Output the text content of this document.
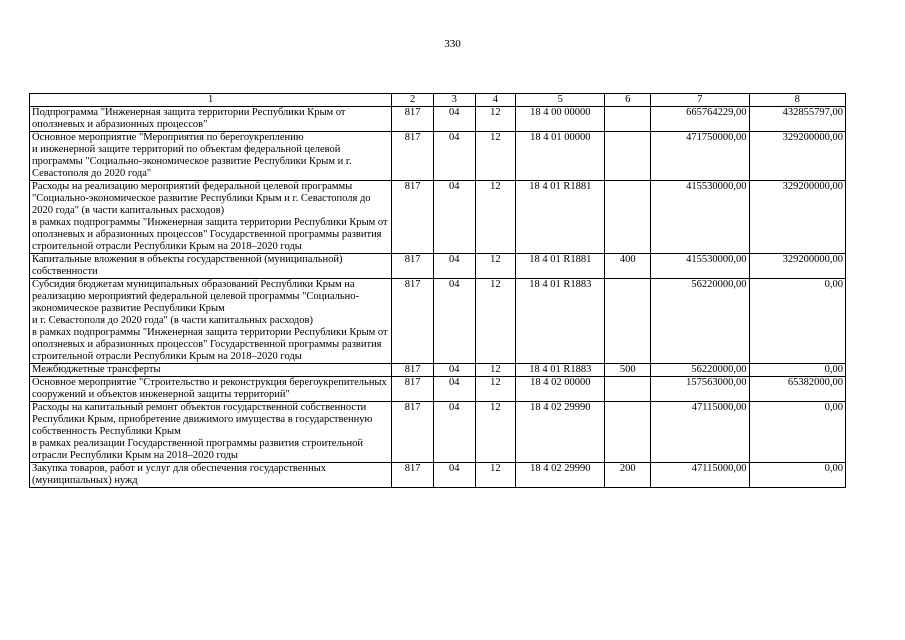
330
1	2	3	4	5	6	7	8
Подпрограмма "Инженерная защита территории Республики Крым от оползневых и абразионных процессов"	817	04	12	18 4 00 00000		665764229,00	432855797,00
Основное мероприятие "Мероприятия по берегоукреплению
и инженерной защите территорий по объектам федеральной целевой программы "Социально-экономическое развитие Республики Крым и г. Севастополя до 2020 года"	817	04	12	18 4 01 00000		471750000,00	329200000,00
Расходы на реализацию мероприятий федеральной целевой программы "Социально-экономическое развитие Республики Крым и г. Севастополя до 2020 года" (в части капитальных расходов)
в рамках подпрограммы "Инженерная защита территории Республики Крым от оползневых и абразионных процессов" Государственной программы развития строительной отрасли Республики Крым на 2018–2020 годы	817	04	12	18 4 01 R1881		415530000,00	329200000,00
Капитальные вложения в объекты государственной (муниципальной) собственности	817	04	12	18 4 01 R1881	400	415530000,00	329200000,00
Субсидия бюджетам муниципальных образований Республики Крым на реализацию мероприятий федеральной целевой программы "Социально-экономическое развитие Республики Крым
и г. Севастополя до 2020 года" (в части капитальных расходов)
в рамках подпрограммы "Инженерная защита территории Республики Крым от оползневых и абразионных процессов" Государственной программы развития строительной отрасли Республики Крым на 2018–2020 годы	817	04	12	18 4 01 R1883		56220000,00	0,00
Межбюджетные трансферты	817	04	12	18 4 01 R1883	500	56220000,00	0,00
Основное мероприятие "Строительство и реконструкция берегоукрепительных сооружений и объектов инженерной защиты территорий"	817	04	12	18 4 02 00000		157563000,00	65382000,00
Расходы на капитальный ремонт объектов государственной собственности Республики Крым, приобретение движимого имущества в государственную собственность Республики Крым
в рамках реализации Государственной программы развития строительной отрасли Республики Крым на 2018–2020 годы	817	04	12	18 4 02 29990		47115000,00	0,00
Закупка товаров, работ и услуг для обеспечения государственных (муниципальных) нужд	817	04	12	18 4 02 29990	200	47115000,00	0,00
